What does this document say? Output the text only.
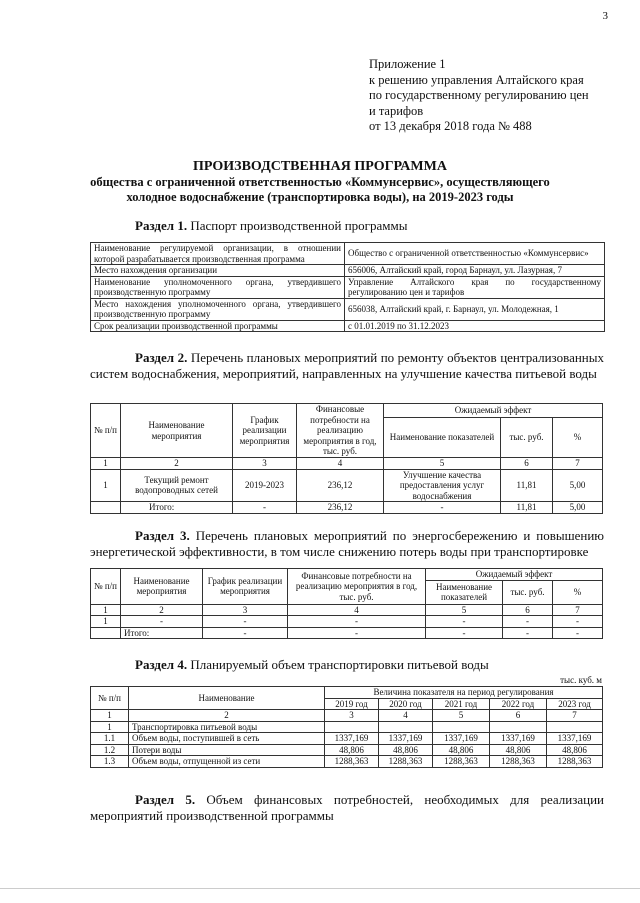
3
Приложение 1
к решению управления Алтайского края
по государственному регулированию цен
и тарифов
от 13 декабря 2018 года № 488
ПРОИЗВОДСТВЕННАЯ ПРОГРАММА
общества с ограниченной ответственностью «Коммунсервис», осуществляющего
холодное водоснабжение (транспортировка воды), на 2019-2023 годы
Раздел 1. Паспорт производственной программы
Наименование регулируемой организации, в отношении которой разрабатывается производственная программа	Общество с ограниченной ответственностью «Коммунсервис»
Место нахождения организации	656006, Алтайский край, город Барнаул, ул. Лазурная, 7
Наименование уполномоченного органа, утвердившего производственную программу	Управление Алтайского края по государственному регулированию цен и тарифов
Место нахождения уполномоченного органа, утвердившего производственную программу	656038, Алтайский край, г. Барнаул, ул. Молодежная, 1
Срок реализации производственной программы	с 01.01.2019 по 31.12.2023
Раздел 2. Перечень плановых мероприятий по ремонту объектов централизованных систем водоснабжения, мероприятий, направленных на улучшение качества питьевой воды
№ п/п	Наименование мероприятия	График реализации мероприятия	Финансовые потребности на реализацию мероприятия в год, тыс. руб.	Ожидаемый эффект		
				Наименование показателей	тыс. руб.	%
1	2	3	4	5	6	7
1	Текущий ремонт водопроводных сетей	2019-2023	236,12	Улучшение качества предоставления услуг водоснабжения	11,81	5,00
	Итого:	-	236,12	-	11,81	5,00
Раздел 3. Перечень плановых мероприятий по энергосбережению и повышению энергетической эффективности, в том числе снижению потерь воды при транспортировке
№ п/п	Наименование мероприятия	График реализации мероприятия	Финансовые потребности на реализацию мероприятия в год, тыс. руб.	Ожидаемый эффект		
				Наименование показателей	тыс. руб.	%
1	2	3	4	5	6	7
1	-	-	-	-	-	-
	Итого:	-	-	-	-	-
Раздел 4. Планируемый объем транспортировки питьевой воды
тыс. куб. м
№ п/п	Наименование	Величина показателя на период регулирования				
		2019 год	2020 год	2021 год	2022 год	2023 год
1	2	3	4	5	6	7
1	Транспортировка питьевой воды					
1.1	Объем воды, поступившей в сеть	1337,169	1337,169	1337,169	1337,169	1337,169
1.2	Потери воды	48,806	48,806	48,806	48,806	48,806
1.3	Объем воды, отпущенной из сети	1288,363	1288,363	1288,363	1288,363	1288,363
Раздел 5. Объем финансовых потребностей, необходимых для реализации мероприятий производственной программы
